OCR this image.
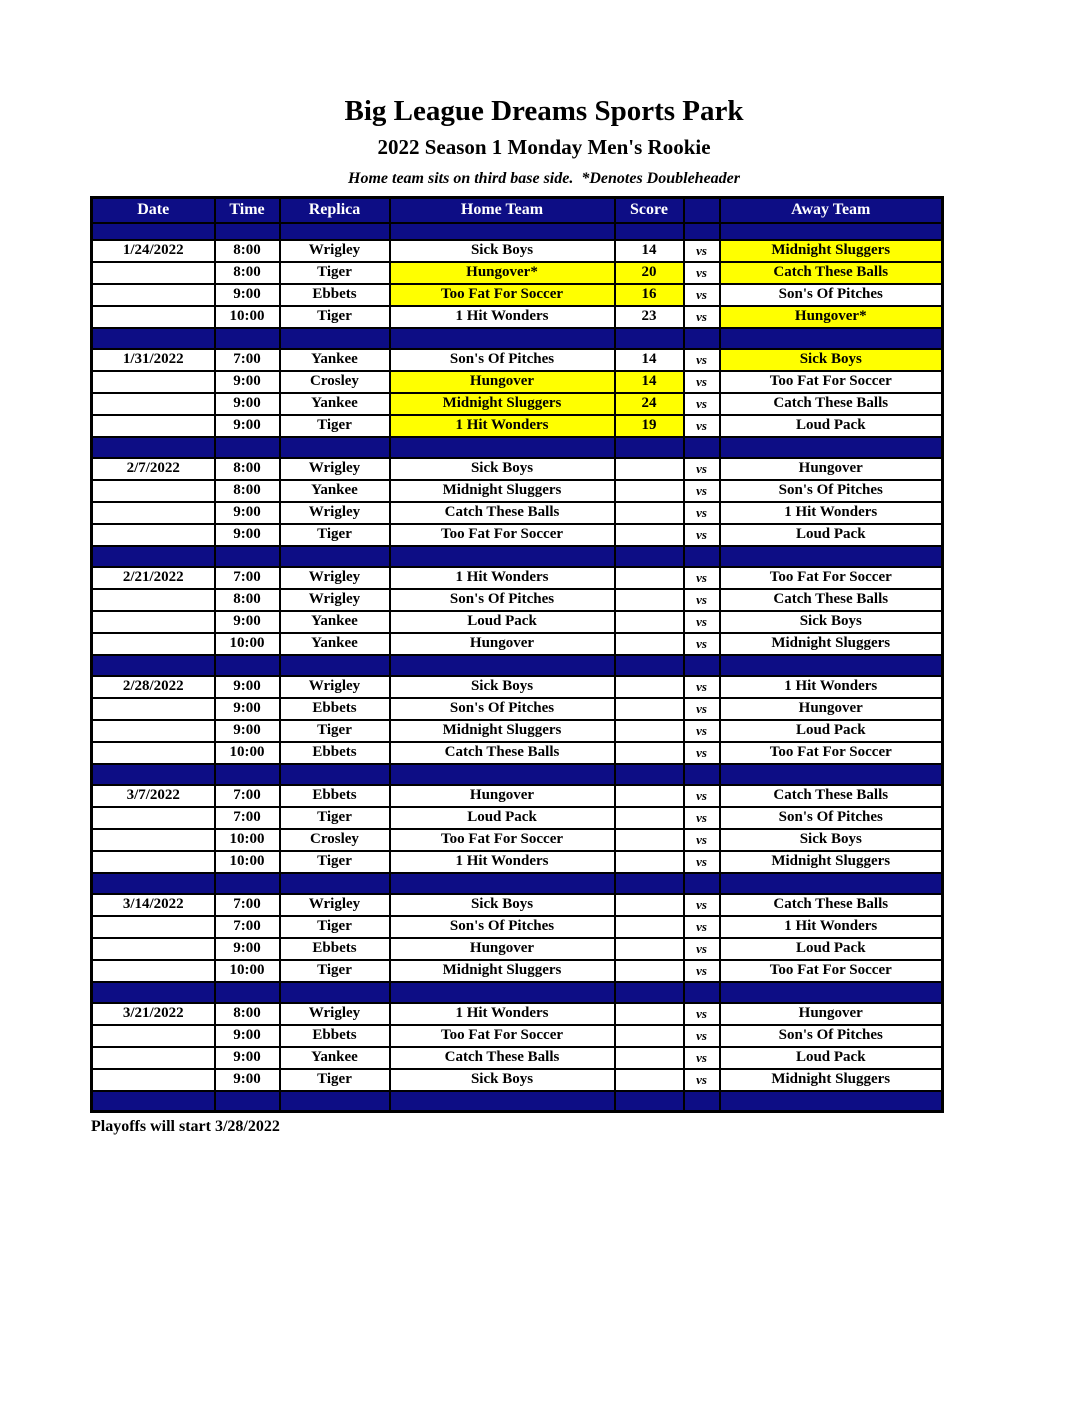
Big League Dreams Sports Park
2022 Season 1 Monday Men's Rookie
Home team sits on third base side.  *Denotes Doubleheader
Date	Time	Replica	Home Team	Score		Away Team

1/24/2022	8:00	Wrigley	Sick Boys	14	vs	Midnight Sluggers
	8:00	Tiger	Hungover*	20	vs	Catch These Balls
	9:00	Ebbets	Too Fat For Soccer	16	vs	Son's Of Pitches
	10:00	Tiger	1 Hit Wonders	23	vs	Hungover*

1/31/2022	7:00	Yankee	Son's Of Pitches	14	vs	Sick Boys
	9:00	Crosley	Hungover	14	vs	Too Fat For Soccer
	9:00	Yankee	Midnight Sluggers	24	vs	Catch These Balls
	9:00	Tiger	1 Hit Wonders	19	vs	Loud Pack

2/7/2022	8:00	Wrigley	Sick Boys		vs	Hungover
	8:00	Yankee	Midnight Sluggers		vs	Son's Of Pitches
	9:00	Wrigley	Catch These Balls		vs	1 Hit Wonders
	9:00	Tiger	Too Fat For Soccer		vs	Loud Pack

2/21/2022	7:00	Wrigley	1 Hit Wonders		vs	Too Fat For Soccer
	8:00	Wrigley	Son's Of Pitches		vs	Catch These Balls
	9:00	Yankee	Loud Pack		vs	Sick Boys
	10:00	Yankee	Hungover		vs	Midnight Sluggers

2/28/2022	9:00	Wrigley	Sick Boys		vs	1 Hit Wonders
	9:00	Ebbets	Son's Of Pitches		vs	Hungover
	9:00	Tiger	Midnight Sluggers		vs	Loud Pack
	10:00	Ebbets	Catch These Balls		vs	Too Fat For Soccer

3/7/2022	7:00	Ebbets	Hungover		vs	Catch These Balls
	7:00	Tiger	Loud Pack		vs	Son's Of Pitches
	10:00	Crosley	Too Fat For Soccer		vs	Sick Boys
	10:00	Tiger	1 Hit Wonders		vs	Midnight Sluggers

3/14/2022	7:00	Wrigley	Sick Boys		vs	Catch These Balls
	7:00	Tiger	Son's Of Pitches		vs	1 Hit Wonders
	9:00	Ebbets	Hungover		vs	Loud Pack
	10:00	Tiger	Midnight Sluggers		vs	Too Fat For Soccer

3/21/2022	8:00	Wrigley	1 Hit Wonders		vs	Hungover
	9:00	Ebbets	Too Fat For Soccer		vs	Son's Of Pitches
	9:00	Yankee	Catch These Balls		vs	Loud Pack
	9:00	Tiger	Sick Boys		vs	Midnight Sluggers

Playoffs will start 3/28/2022
